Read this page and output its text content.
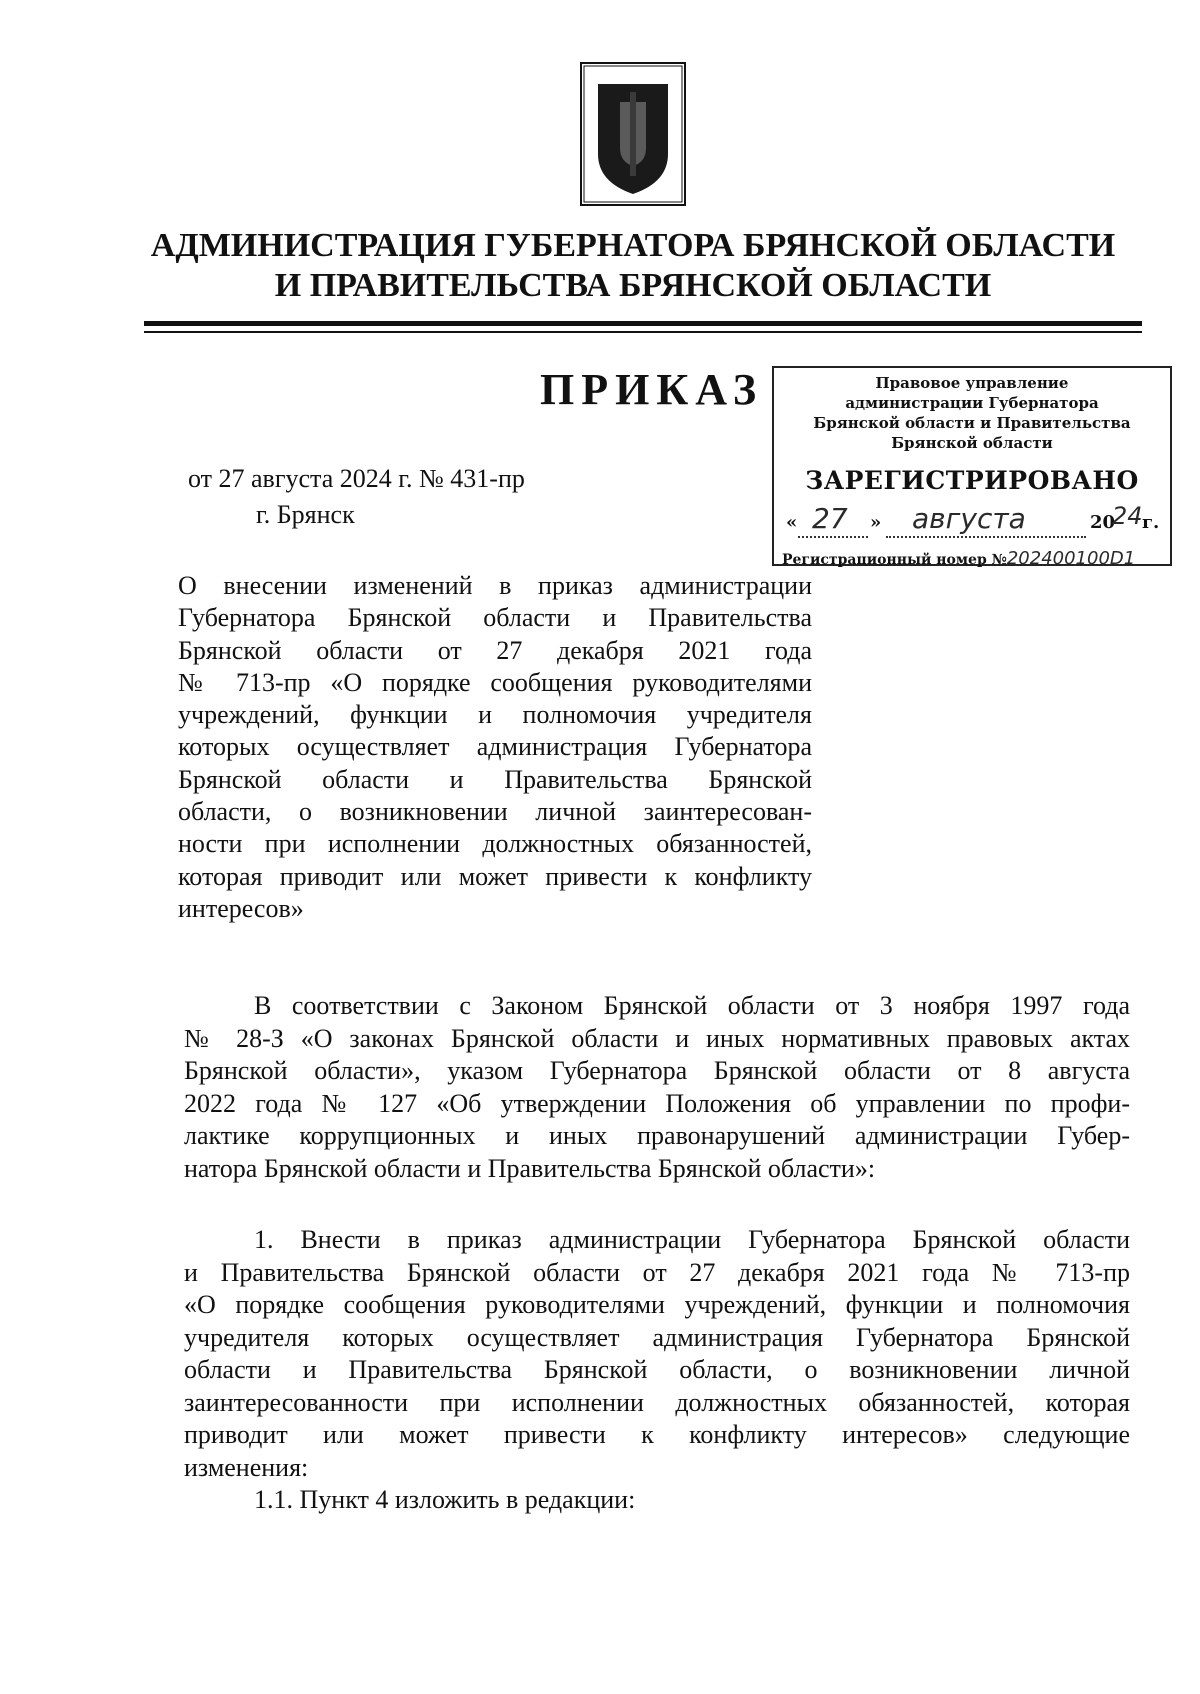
АДМИНИСТРАЦИЯ ГУБЕРНАТОРА БРЯНСКОЙ ОБЛАСТИ
И ПРАВИТЕЛЬСТВА БРЯНСКОЙ ОБЛАСТИ
ПРИКАЗ
от 27 августа 2024 г. № 431-пр
г. Брянск
Правовое управление
администрации Губернатора
Брянской области и Правительства
Брянской области
ЗАРЕГИСТРИРОВАНО
« 27 » августа	20
24 г.
Регистрационный номер №202400100D1
О внесении изменений в приказ администрации
Губернатора Брянской области и Правительства
Брянской области от 27 декабря 2021 года
№ 713-пр «О порядке сообщения руководителями
учреждений, функции и полномочия учредителя
которых осуществляет администрация Губернатора
Брянской области и Правительства Брянской
области, о возникновении личной заинтересован-
ности при исполнении должностных обязанностей,
которая приводит или может привести к конфликту
интересов»
В соответствии с Законом Брянской области от 3 ноября 1997 года
№ 28-З «О законах Брянской области и иных нормативных правовых актах
Брянской области», указом Губернатора Брянской области от 8 августа
2022 года № 127 «Об утверждении Положения об управлении по профи-
лактике коррупционных и иных правонарушений администрации Губер-
натора Брянской области и Правительства Брянской области»:
1. Внести в приказ администрации Губернатора Брянской области
и Правительства Брянской области от 27 декабря 2021 года № 713-пр
«О порядке сообщения руководителями учреждений, функции и полномочия
учредителя которых осуществляет администрация Губернатора Брянской
области и Правительства Брянской области, о возникновении личной
заинтересованности при исполнении должностных обязанностей, которая
приводит или может привести к конфликту интересов» следующие
изменения:
1.1. Пункт 4 изложить в редакции:
